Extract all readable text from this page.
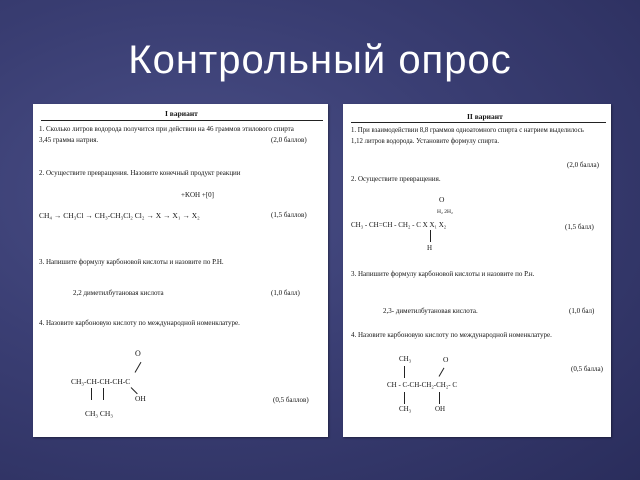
Контрольный опрос
I вариант
1. Сколько литров водорода получится при действии на 46 граммов этилового спирта
3,45 грамма натрия.	(2,0 баллов)
2. Осуществите превращения. Назовите конечный продукт реакции
+KOH +[0]
CH₄ → CH₃Cl → CH₃-CH₃Cl₂ Cl₂ → X → X₁ → X₂	(1,5 баллов)
3. Напишите формулу карбоновой кислоты и назовите по Р.Н.
2,2 диметилбутановая кислота	(1,0 балл)
4. Назовите карбоновую кислоту по международной номенклатуре.
O
CH₃-CH-CH-CH-C
OH
CH₃ CH₃
(0,5 баллов)
II вариант
1. При взаимодействии 8,8 граммов одноатомного спирта с натрием выделилось
1,12 литров водорода. Установите формулу спирта.
(2,0 балла)
2. Осуществите превращения.
O
H₂ 2H₂
CH₃ - CH=CH - CH₂ - C X X₁ X₂
H
(1,5 балл)
3. Напишите формулу карбоновой кислоты и назовите по Р.н.
2,3- диметилбутановая кислота.	(1,0 бал)
4. Назовите карбоновую кислоту по международной номенклатуре.
CH₃	O
CH - C-CH-CH₂-CH₂- C
(0,5 балла)
CH₃	OH
